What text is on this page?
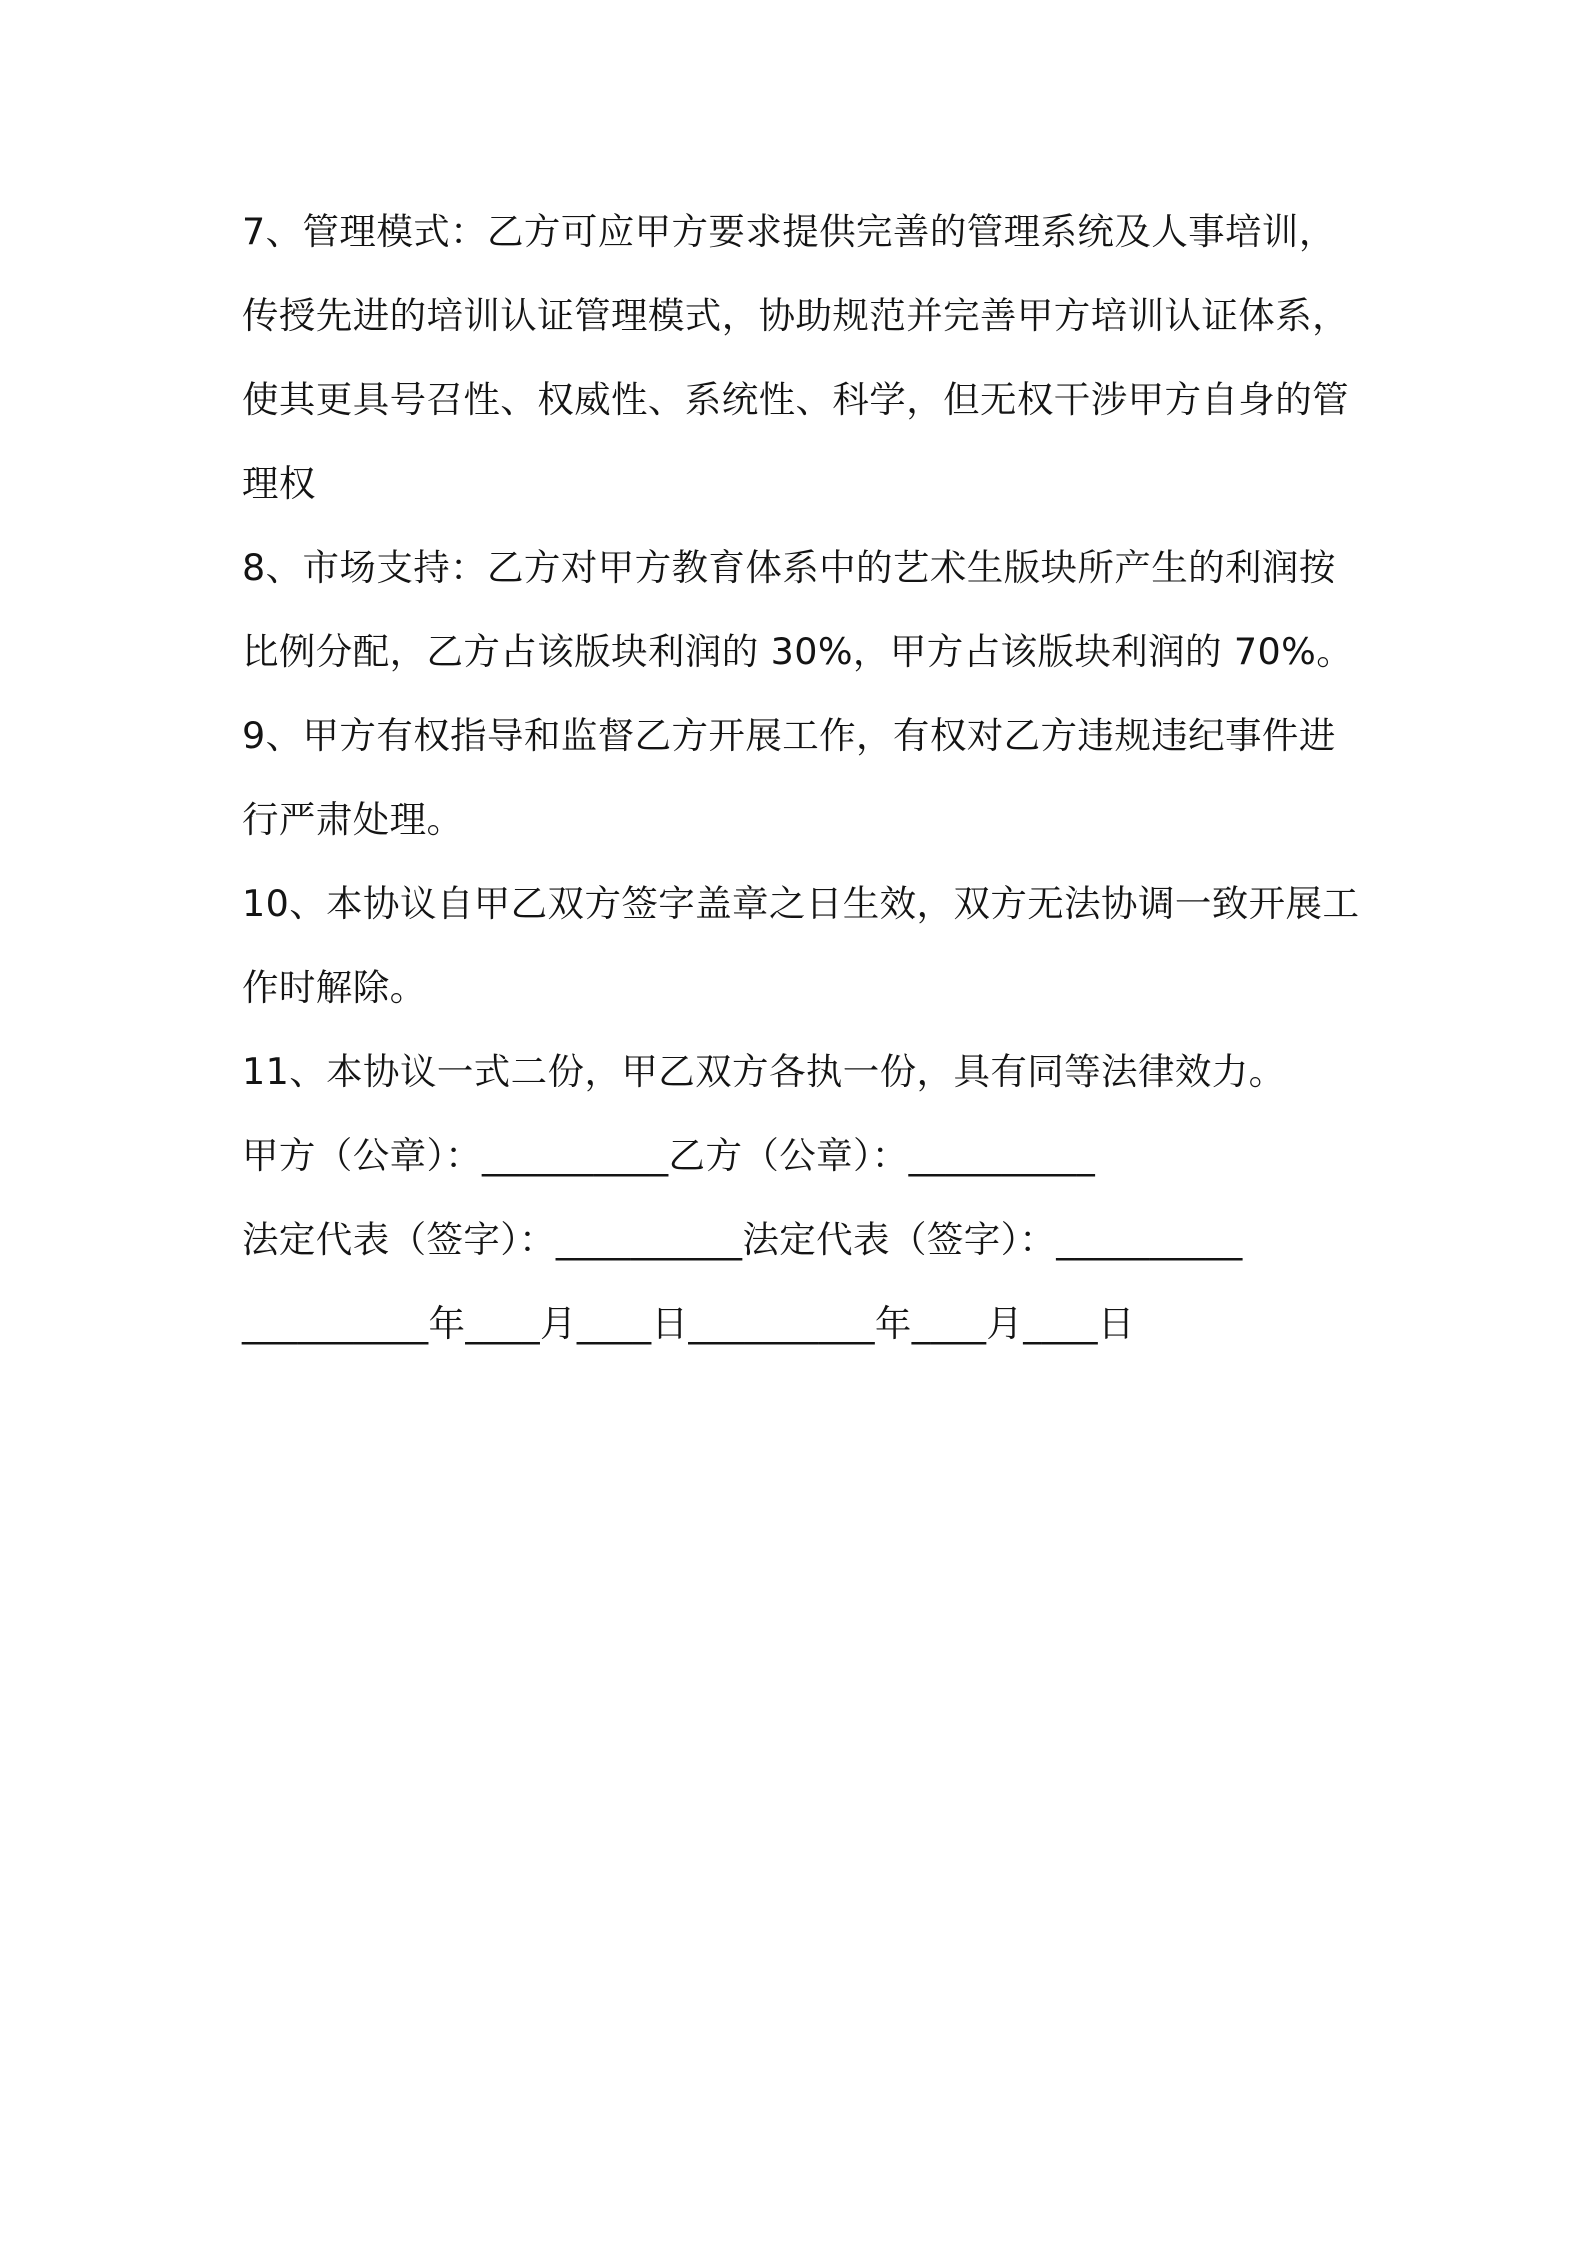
7、管理模式：乙方可应甲方要求提供完善的管理系统及人事培训，
传授先进的培训认证管理模式，协助规范并完善甲方培训认证体系，
使其更具号召性、权威性、系统性、科学，但无权干涉甲方自身的管
理权

8、市场支持：乙方对甲方教育体系中的艺术生版块所产生的利润按
比例分配，乙方占该版块利润的 30%，甲方占该版块利润的 70%。

9、甲方有权指导和监督乙方开展工作，有权对乙方违规违纪事件进
行严肃处理。

10、本协议自甲乙双方签字盖章之日生效，双方无法协调一致开展工
作时解除。

11、本协议一式二份，甲乙双方各执一份，具有同等法律效力。

甲方（公章）：__________乙方（公章）：__________
法定代表（签字）：__________法定代表（签字）：__________
__________年____月____日__________年____月____日
